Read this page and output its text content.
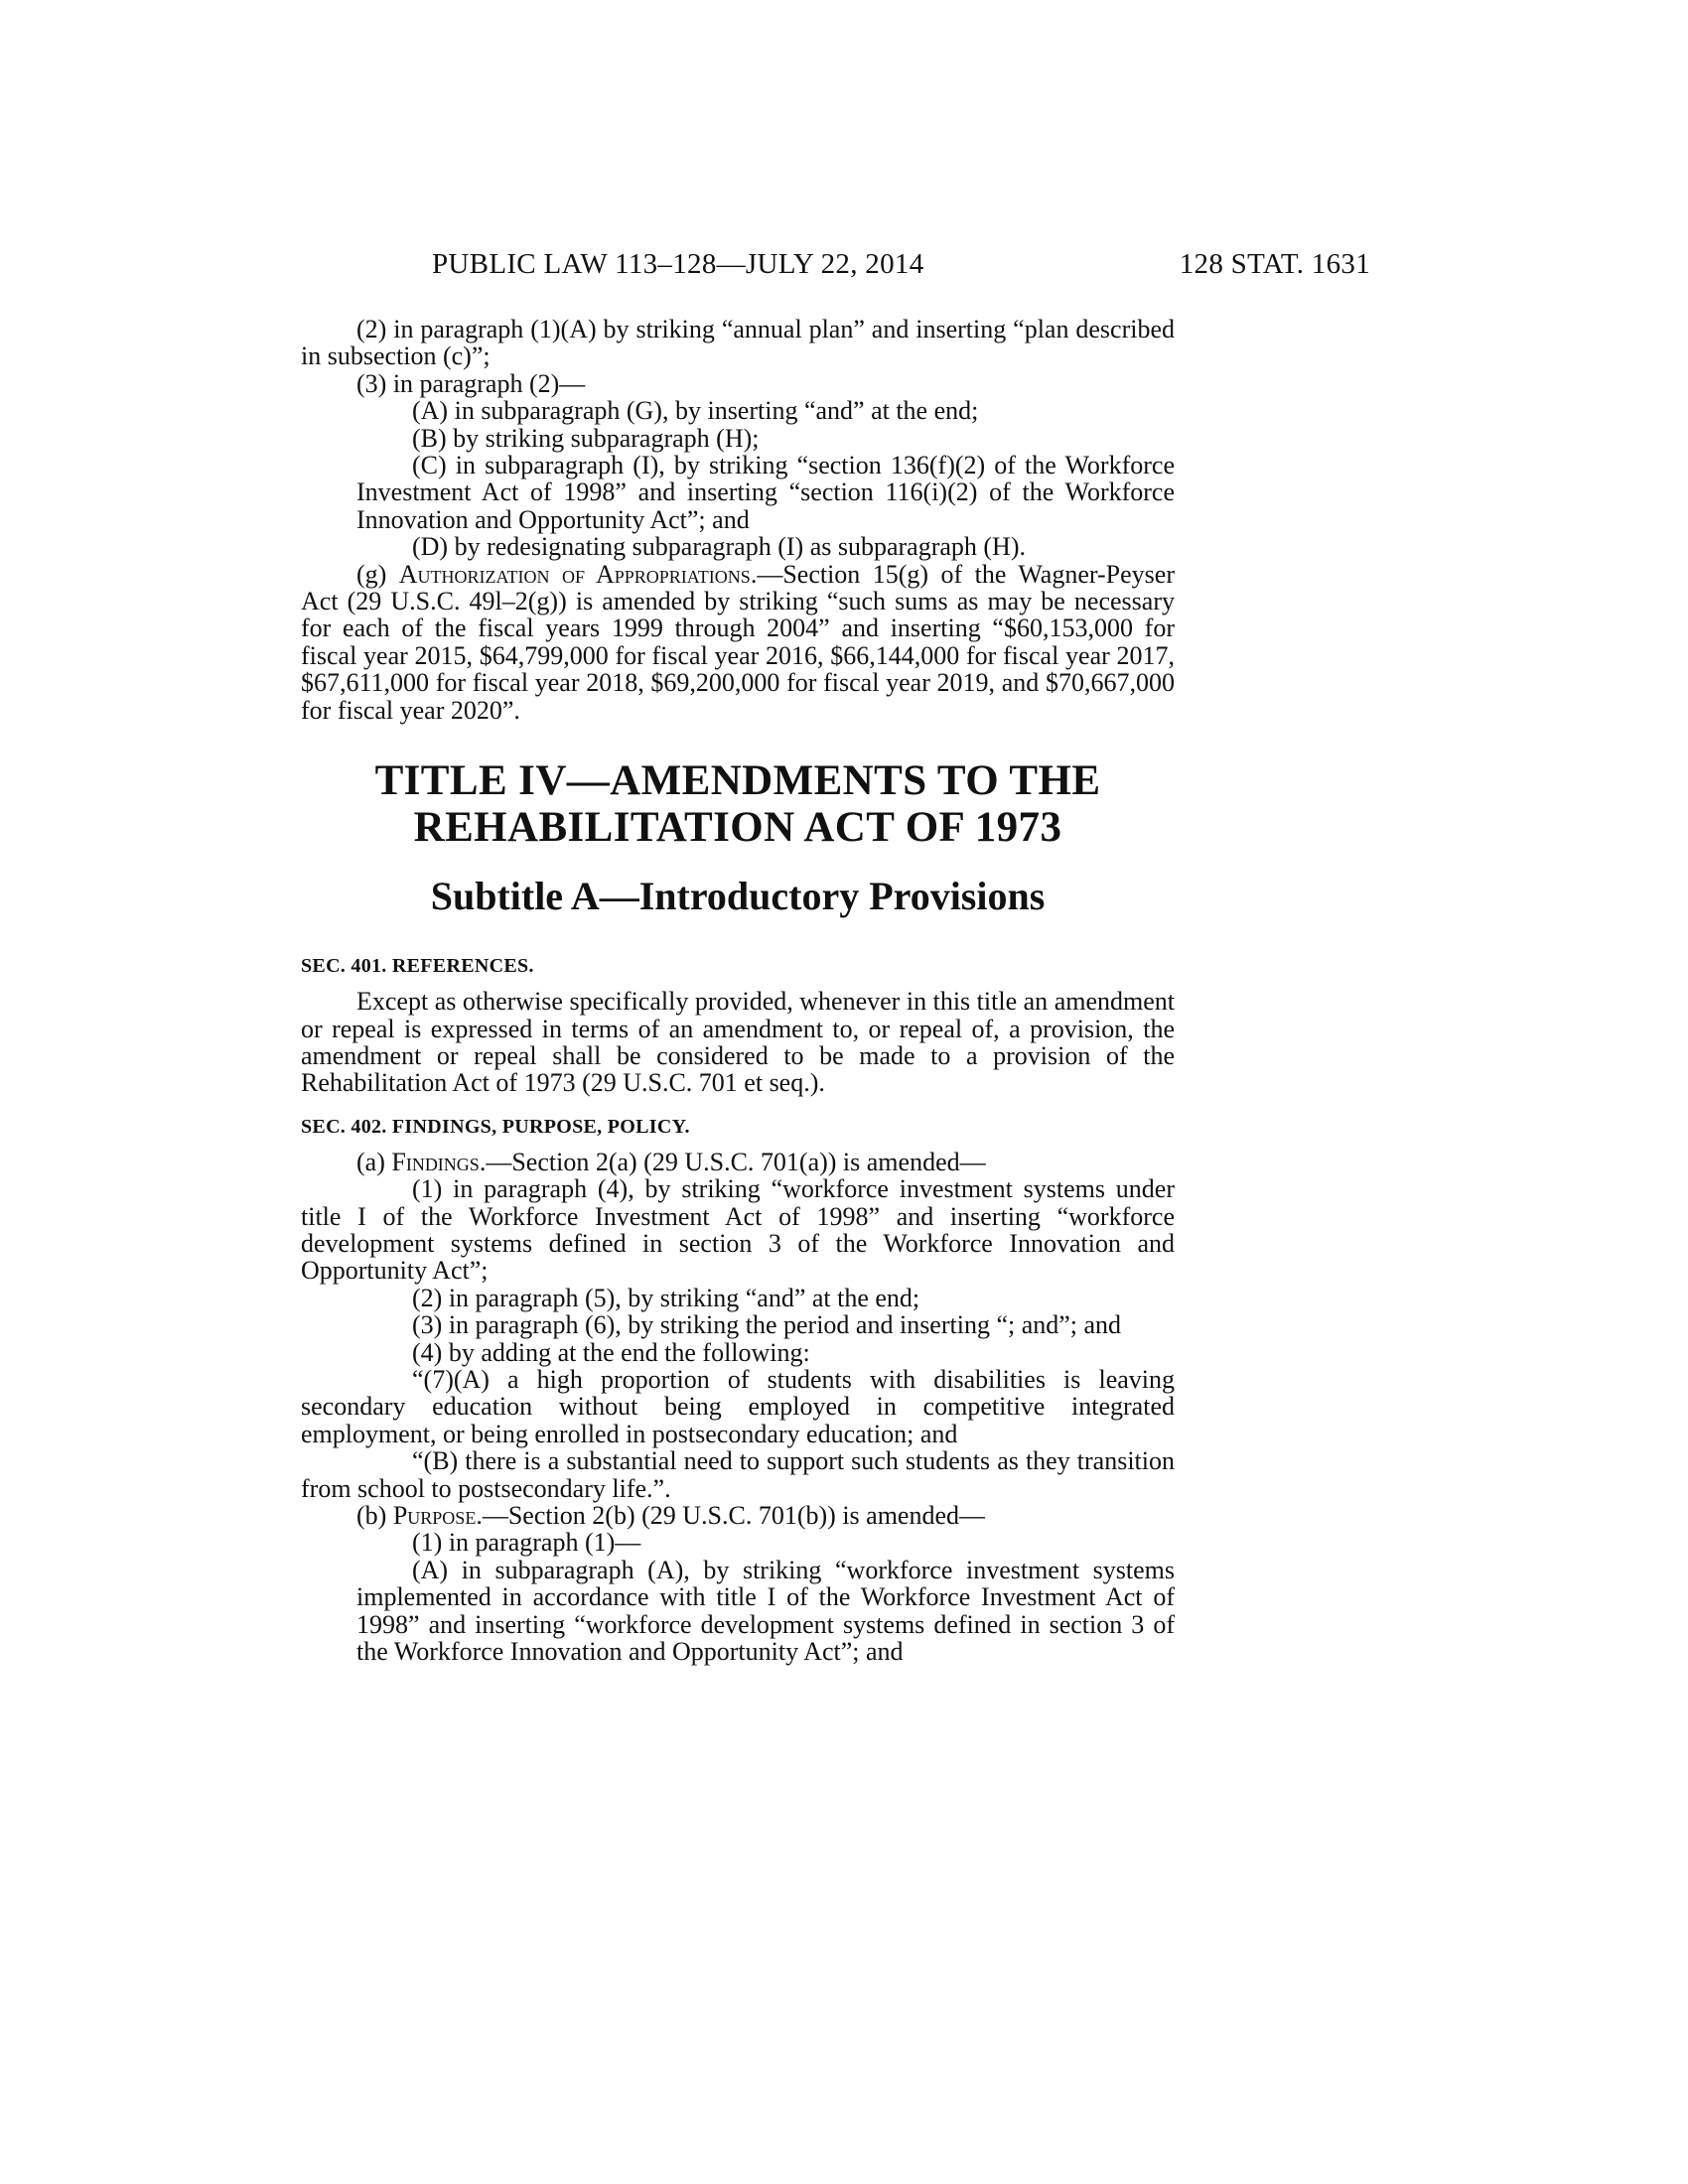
PUBLIC LAW 113–128—JULY 22, 2014	128 STAT. 1631

(2) in paragraph (1)(A) by striking “annual plan” and inserting “plan described in subsection (c)”;

(3) in paragraph (2)—

(A) in subparagraph (G), by inserting “and” at the end;

(B) by striking subparagraph (H);

(C) in subparagraph (I), by striking “section 136(f)(2) of the Workforce Investment Act of 1998” and inserting “section 116(i)(2) of the Workforce Innovation and Opportunity Act”; and

(D) by redesignating subparagraph (I) as subparagraph (H).

(g) Authorization of Appropriations.—Section 15(g) of the Wagner-Peyser Act (29 U.S.C. 49l–2(g)) is amended by striking “such sums as may be necessary for each of the fiscal years 1999 through 2004” and inserting “$60,153,000 for fiscal year 2015, $64,799,000 for fiscal year 2016, $66,144,000 for fiscal year 2017, $67,611,000 for fiscal year 2018, $69,200,000 for fiscal year 2019, and $70,667,000 for fiscal year 2020”.

TITLE IV—AMENDMENTS TO THE
REHABILITATION ACT OF 1973
Subtitle A—Introductory Provisions
SEC. 401. REFERENCES.

Except as otherwise specifically provided, whenever in this title an amendment or repeal is expressed in terms of an amendment to, or repeal of, a provision, the amendment or repeal shall be considered to be made to a provision of the Rehabilitation Act of 1973 (29 U.S.C. 701 et seq.).

SEC. 402. FINDINGS, PURPOSE, POLICY.

(a) Findings.—Section 2(a) (29 U.S.C. 701(a)) is amended—

(1) in paragraph (4), by striking “workforce investment systems under title I of the Workforce Investment Act of 1998” and inserting “workforce development systems defined in section 3 of the Workforce Innovation and Opportunity Act”;

(2) in paragraph (5), by striking “and” at the end;

(3) in paragraph (6), by striking the period and inserting “; and”; and

(4) by adding at the end the following:

“(7)(A) a high proportion of students with disabilities is leaving secondary education without being employed in competitive integrated employment, or being enrolled in postsecondary education; and

“(B) there is a substantial need to support such students as they transition from school to postsecondary life.”.

(b) Purpose.—Section 2(b) (29 U.S.C. 701(b)) is amended—

(1) in paragraph (1)—

(A) in subparagraph (A), by striking “workforce investment systems implemented in accordance with title I of the Workforce Investment Act of 1998” and inserting “workforce development systems defined in section 3 of the Workforce Innovation and Opportunity Act”; and
